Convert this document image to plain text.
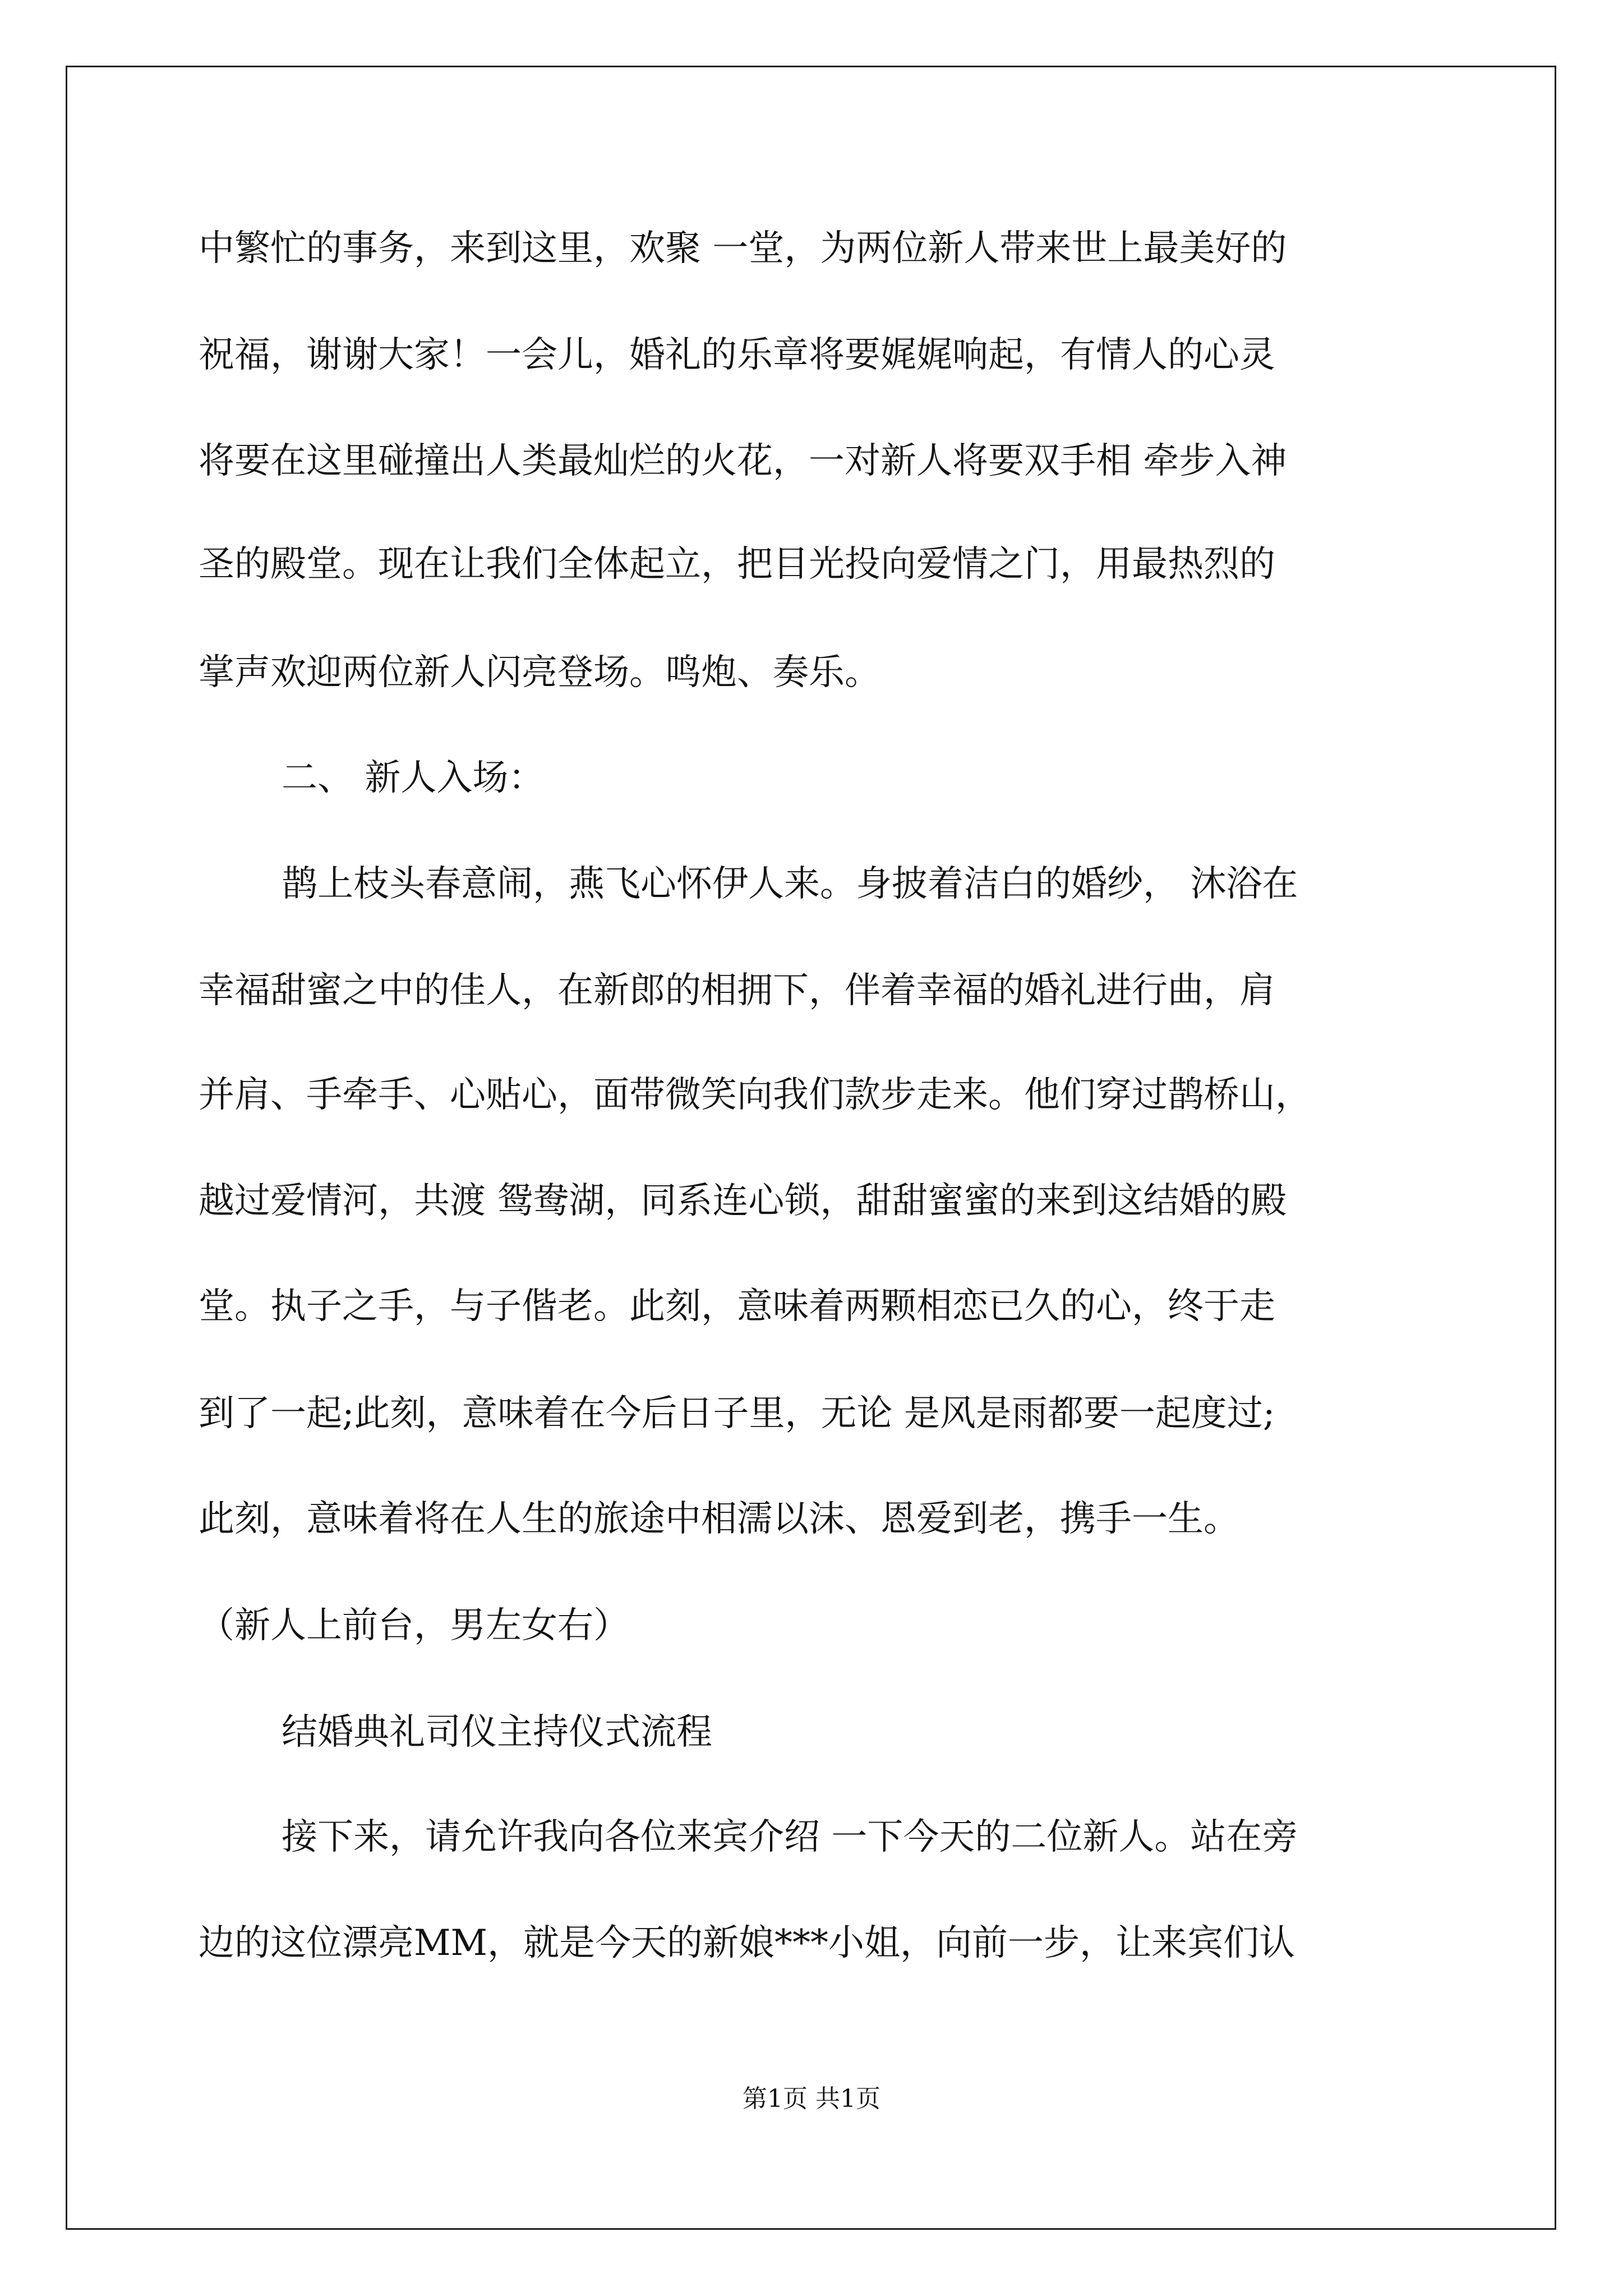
中繁忙的事务，来到这里，欢聚 一堂，为两位新人带来世上最美好的
祝福，谢谢大家！一会儿，婚礼的乐章将要娓娓响起，有情人的心灵
将要在这里碰撞出人类最灿烂的火花，一对新人将要双手相 牵步入神
圣的殿堂。现在让我们全体起立，把目光投向爱情之门，用最热烈的
掌声欢迎两位新人闪亮登场。鸣炮、奏乐。
二、 新人入场：
鹊上枝头春意闹，燕飞心怀伊人来。身披着洁白的婚纱， 沐浴在
幸福甜蜜之中的佳人，在新郎的相拥下，伴着幸福的婚礼进行曲，肩
并肩、手牵手、心贴心，面带微笑向我们款步走来。他们穿过鹊桥山，
越过爱情河，共渡 鸳鸯湖，同系连心锁，甜甜蜜蜜的来到这结婚的殿
堂。执子之手，与子偕老。此刻，意味着两颗相恋已久的心，终于走
到了一起;此刻，意味着在今后日子里，无论 是风是雨都要一起度过;
此刻，意味着将在人生的旅途中相濡以沫、恩爱到老，携手一生。
（新人上前台，男左女右）
结婚典礼司仪主持仪式流程
接下来，请允许我向各位来宾介绍 一下今天的二位新人。站在旁
边的这位漂亮MM，就是今天的新娘***小姐，向前一步，让来宾们认
第1页 共1页
